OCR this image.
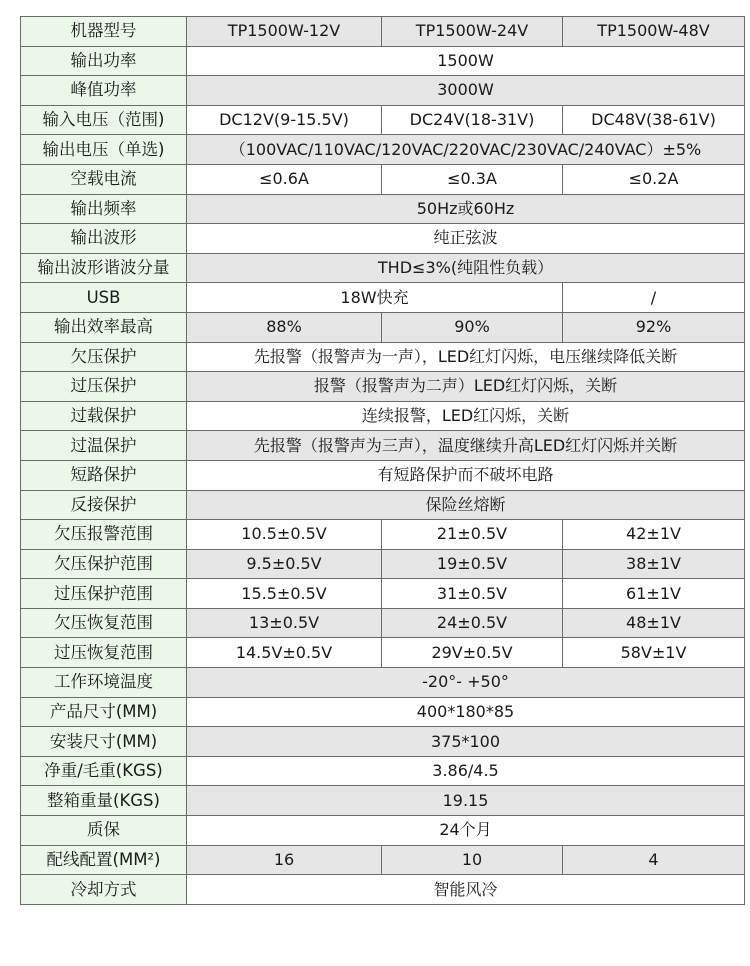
机器型号	TP1500W-12V	TP1500W-24V	TP1500W-48V
输出功率	1500W		
峰值功率	3000W		
输入电压（范围)	DC12V(9-15.5V)	DC24V(18-31V)	DC48V(38-61V)
输出电压（单选)	（100VAC/110VAC/120VAC/220VAC/230VAC/240VAC）±5%		
空载电流	≤0.6A	≤0.3A	≤0.2A
输出频率	50Hz或60Hz		
输出波形	纯正弦波		
输出波形谐波分量	THD≤3%(纯阻性负载）		
USB	18W快充		/
输出效率最高	88%	90%	92%
欠压保护	先报警（报警声为一声），LED红灯闪烁，电压继续降低关断		
过压保护	报警（报警声为二声）LED红灯闪烁，关断		
过载保护	连续报警，LED红闪烁，关断		
过温保护	先报警（报警声为三声），温度继续升高LED红灯闪烁并关断		
短路保护	有短路保护而不破坏电路		
反接保护	保险丝熔断		
欠压报警范围	10.5±0.5V	21±0.5V	42±1V
欠压保护范围	9.5±0.5V	19±0.5V	38±1V
过压保护范围	15.5±0.5V	31±0.5V	61±1V
欠压恢复范围	13±0.5V	24±0.5V	48±1V
过压恢复范围	14.5V±0.5V	29V±0.5V	58V±1V
工作环境温度	-20°- +50°		
产品尺寸(MM)	400*180*85		
安装尺寸(MM)	375*100		
净重/毛重(KGS)	3.86/4.5		
整箱重量(KGS)	19.15		
质保	24个月		
配线配置(MM²)	16	10	4
冷却方式	智能风冷		
